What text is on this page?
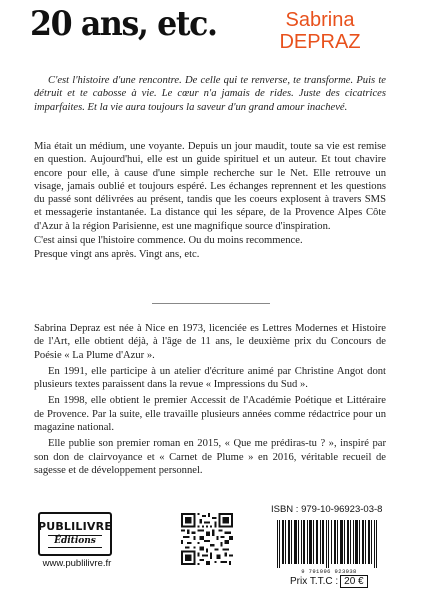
20 ans, etc.	Sabrina
DEPRAZ

C'est l'histoire d'une rencontre. De celle qui te renverse, te transforme. Puis te détruit et te cabosse à vie. Le cœur n'a jamais de rides. Juste des cicatrices imparfaites. Et la vie aura toujours la saveur d'un grand amour inachevé.

Mia était un médium, une voyante. Depuis un jour maudit, toute sa vie est remise en question. Aujourd'hui, elle est un guide spirituel et un auteur. Et tout chavire encore pour elle, à cause d'une simple recherche sur le Net. Elle retrouve un visage, jamais oublié et toujours espéré. Les échanges reprennent et les questions du passé sont délivrées au présent, tandis que les coeurs explosent à travers SMS et messagerie instantanée. La distance qui les sépare, de la Provence Alpes Côte d'Azur à la région Parisienne, est une magnifique source d'inspiration.

C'est ainsi que l'histoire commence. Ou du moins recommence.

Presque vingt ans après. Vingt ans, etc.

Sabrina Depraz est née à Nice en 1973, licenciée es Lettres Modernes et Histoire de l'Art, elle obtient déjà, à l'âge de 11 ans, le deuxième prix du Concours de Poésie « La Plume d'Azur ».

En 1991, elle participe à un atelier d'écriture animé par Christine Angot dont plusieurs textes paraissent dans la revue « Impressions du Sud ».

En 1998, elle obtient le premier Accessit de l'Académie Poétique et Littéraire de Provence. Par la suite, elle travaille plusieurs années comme rédactrice pour un magazine national.

Elle publie son premier roman en 2015, « Que me prédiras-tu ? », inspiré par son don de clairvoyance et « Carnet de Plume » en 2016, véritable recueil de sagesse et de développement personnel.

PUBLILIVRE
Éditions
www.publilivre.fr
ISBN : 979-10-96923-03-8
9 791096 923038
Prix T.T.C : 20 €
